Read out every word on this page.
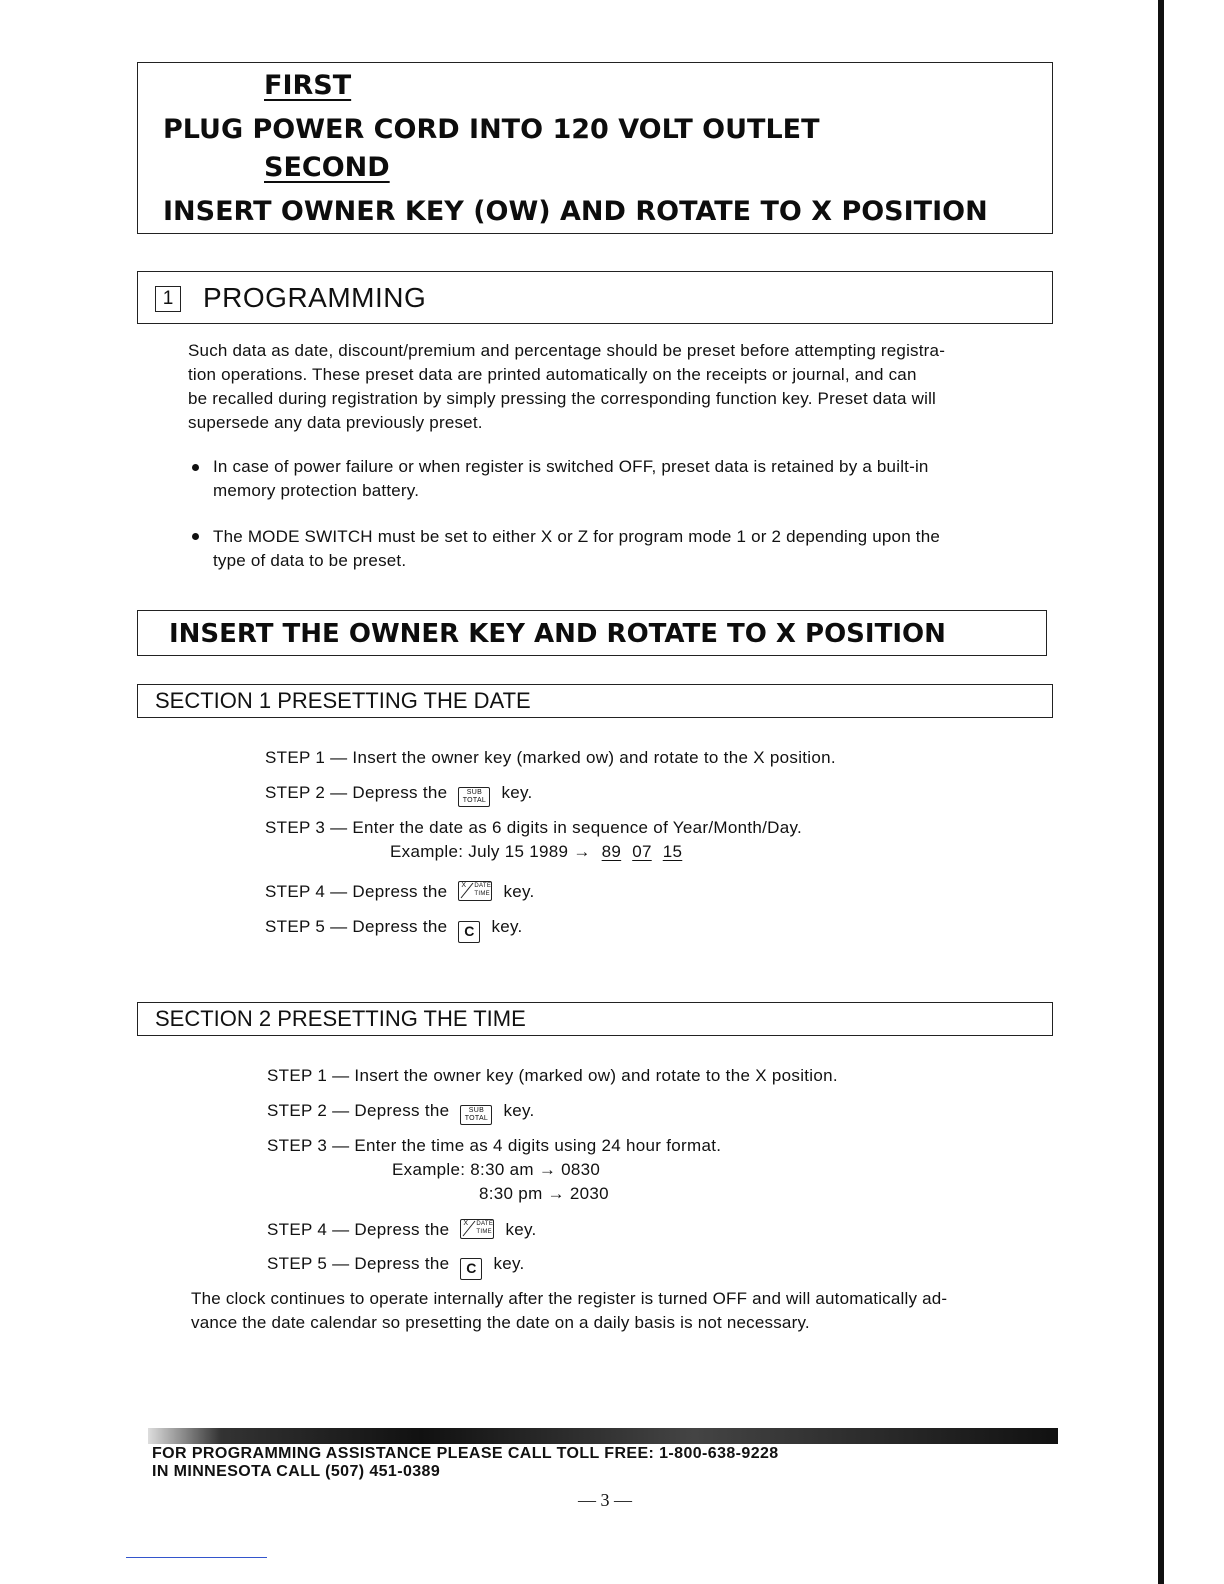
FIRST
PLUG POWER CORD INTO 120 VOLT OUTLET
SECOND
INSERT OWNER KEY (OW) AND ROTATE TO X POSITION
1 PROGRAMMING
Such data as date, discount/premium and percentage should be preset before attempting registra-
tion operations. These preset data are printed automatically on the receipts or journal, and can
be recalled during registration by simply pressing the corresponding function key. Preset data will
supersede any data previously preset.
In case of power failure or when register is switched OFF, preset data is retained by a built-in
memory protection battery.
The MODE SWITCH must be set to either X or Z for program mode 1 or 2 depending upon the
type of data to be preset.
INSERT THE OWNER KEY AND ROTATE TO X POSITION
SECTION 1 PRESETTING THE DATE
STEP 1 — Insert the owner key (marked ow) and rotate to the X position.
STEP 2 — Depress the	SUB
TOTAL key.
STEP 3 — Enter the date as 6 digits in sequence of Year/Month/Day.
Example: July 15 1989 → 89 07 15
STEP 4 — Depress the X DATE
TIME key.
STEP 5 — Depress the C key.
SECTION 2 PRESETTING THE TIME
STEP 1 — Insert the owner key (marked ow) and rotate to the X position.
STEP 2 — Depress the	SUB
TOTAL key.
STEP 3 — Enter the time as 4 digits using 24 hour format.
Example: 8:30 am → 0830
8:30 pm → 2030
STEP 4 — Depress the X DATE
TIME key.
STEP 5 — Depress the C key.
The clock continues to operate internally after the register is turned OFF and will automatically ad-
vance the date calendar so presetting the date on a daily basis is not necessary.
FOR PROGRAMMING ASSISTANCE PLEASE CALL TOLL FREE: 1-800-638-9228
IN MINNESOTA CALL (507) 451-0389
— 3 —
